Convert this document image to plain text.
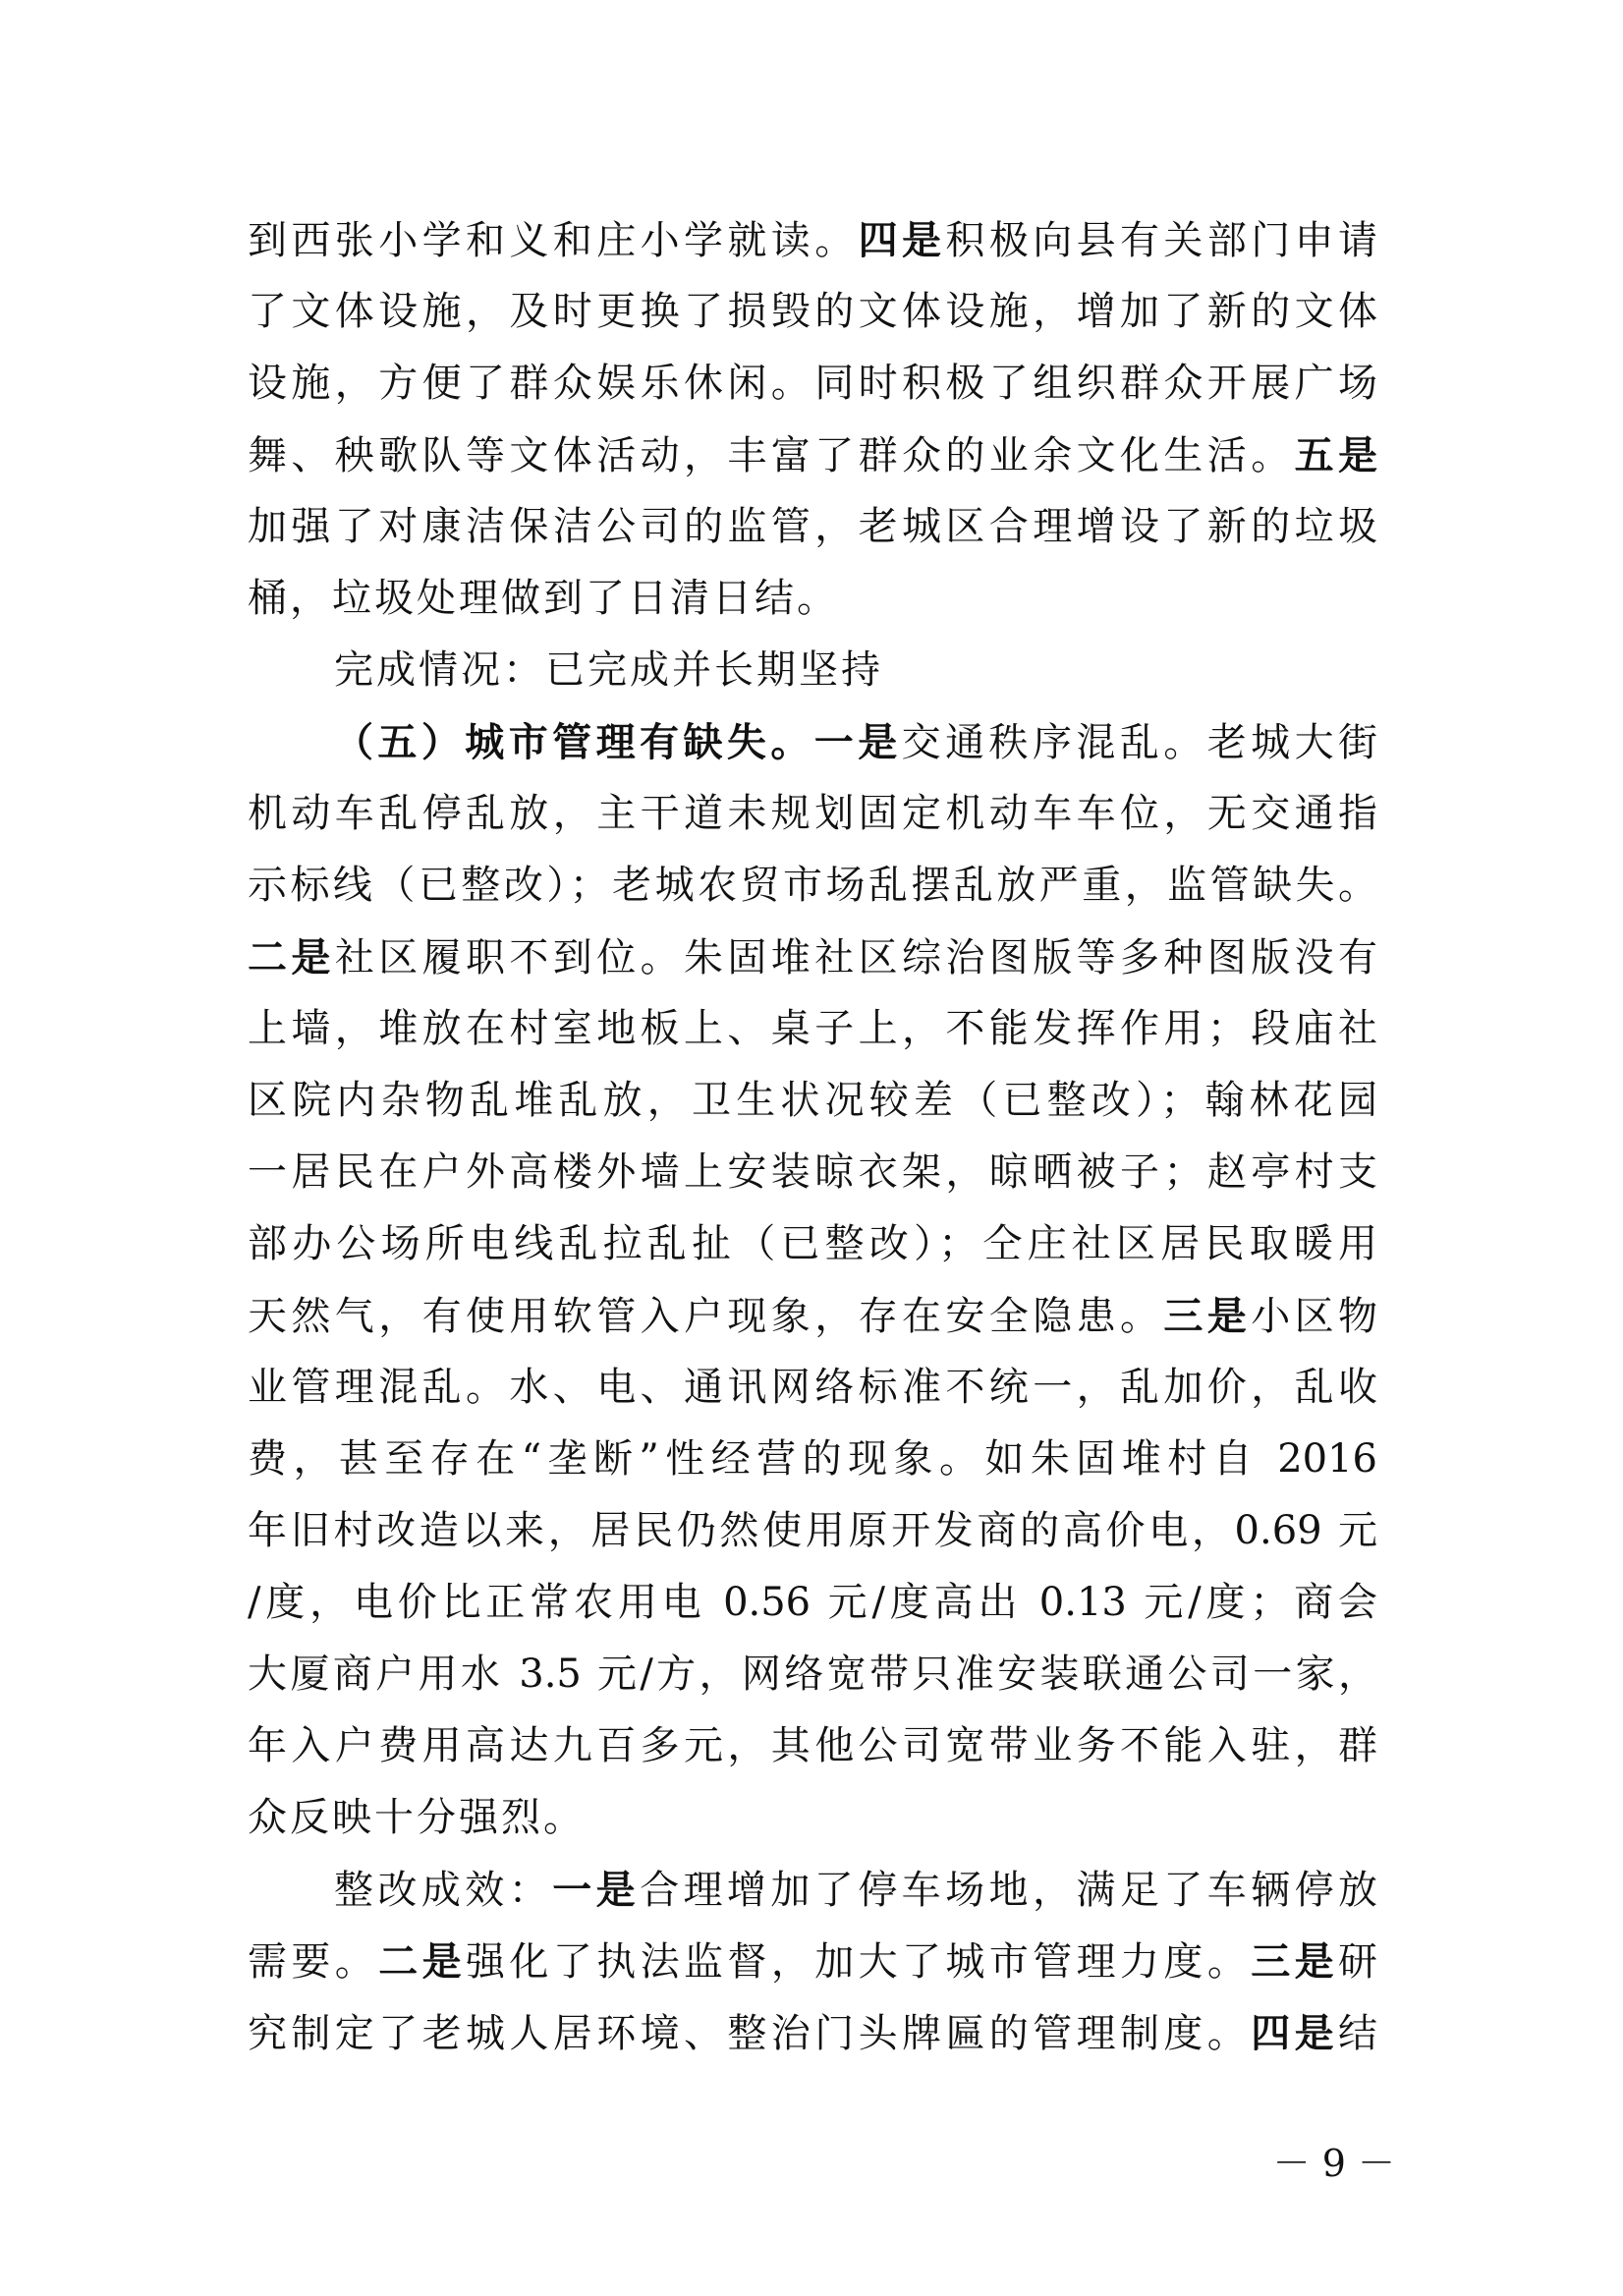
到西张小学和义和庄小学就读。四是积极向县有关部门申请
了文体设施，及时更换了损毁的文体设施，增加了新的文体
设施，方便了群众娱乐休闲。同时积极了组织群众开展广场
舞、秧歌队等文体活动，丰富了群众的业余文化生活。五是
加强了对康洁保洁公司的监管，老城区合理增设了新的垃圾
桶，垃圾处理做到了日清日结。
完成情况：已完成并长期坚持
（五）城市管理有缺失。一是交通秩序混乱。老城大街
机动车乱停乱放，主干道未规划固定机动车车位，无交通指
示标线（已整改）；老城农贸市场乱摆乱放严重，监管缺失。
二是社区履职不到位。朱固堆社区综治图版等多种图版没有
上墙，堆放在村室地板上、桌子上，不能发挥作用；段庙社
区院内杂物乱堆乱放，卫生状况较差（已整改）；翰林花园
一居民在户外高楼外墙上安装晾衣架，晾晒被子；赵亭村支
部办公场所电线乱拉乱扯（已整改）；仝庄社区居民取暖用
天然气，有使用软管入户现象，存在安全隐患。三是小区物
业管理混乱。水、电、通讯网络标准不统一，乱加价，乱收
费，甚至存在“垄断”性经营的现象。如朱固堆村自 2016
年旧村改造以来，居民仍然使用原开发商的高价电，0.69 元
/度，电价比正常农用电 0.56 元/度高出 0.13 元/度；商会
大厦商户用水 3.5 元/方，网络宽带只准安装联通公司一家，
年入户费用高达九百多元，其他公司宽带业务不能入驻，群
众反映十分强烈。
整改成效：一是合理增加了停车场地，满足了车辆停放
需要。二是强化了执法监督，加大了城市管理力度。三是研
究制定了老城人居环境、整治门头牌匾的管理制度。四是结
－ 9 －
